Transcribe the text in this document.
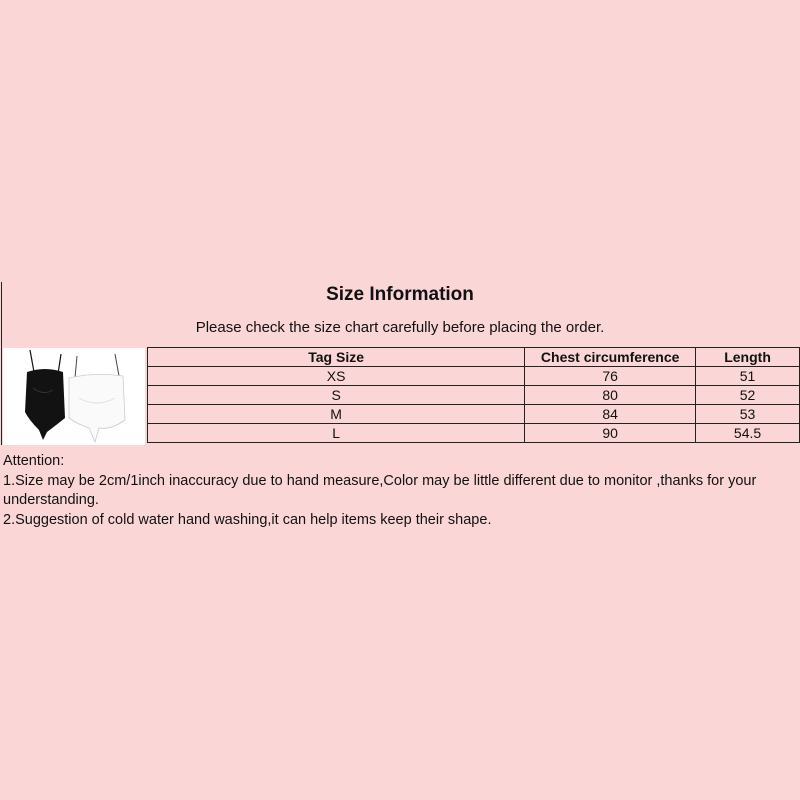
Size Information
Please check the size chart carefully before placing the order.
Tag Size	Chest circumference	Length
XS	76	51
S	80	52
M	84	53
L	90	54.5

Attention:

1.Size may be 2cm/1inch inaccuracy due to hand measure,Color may be little different due to monitor ,thanks for your understanding.

2.Suggestion of cold water hand washing,it can help items keep their shape.
